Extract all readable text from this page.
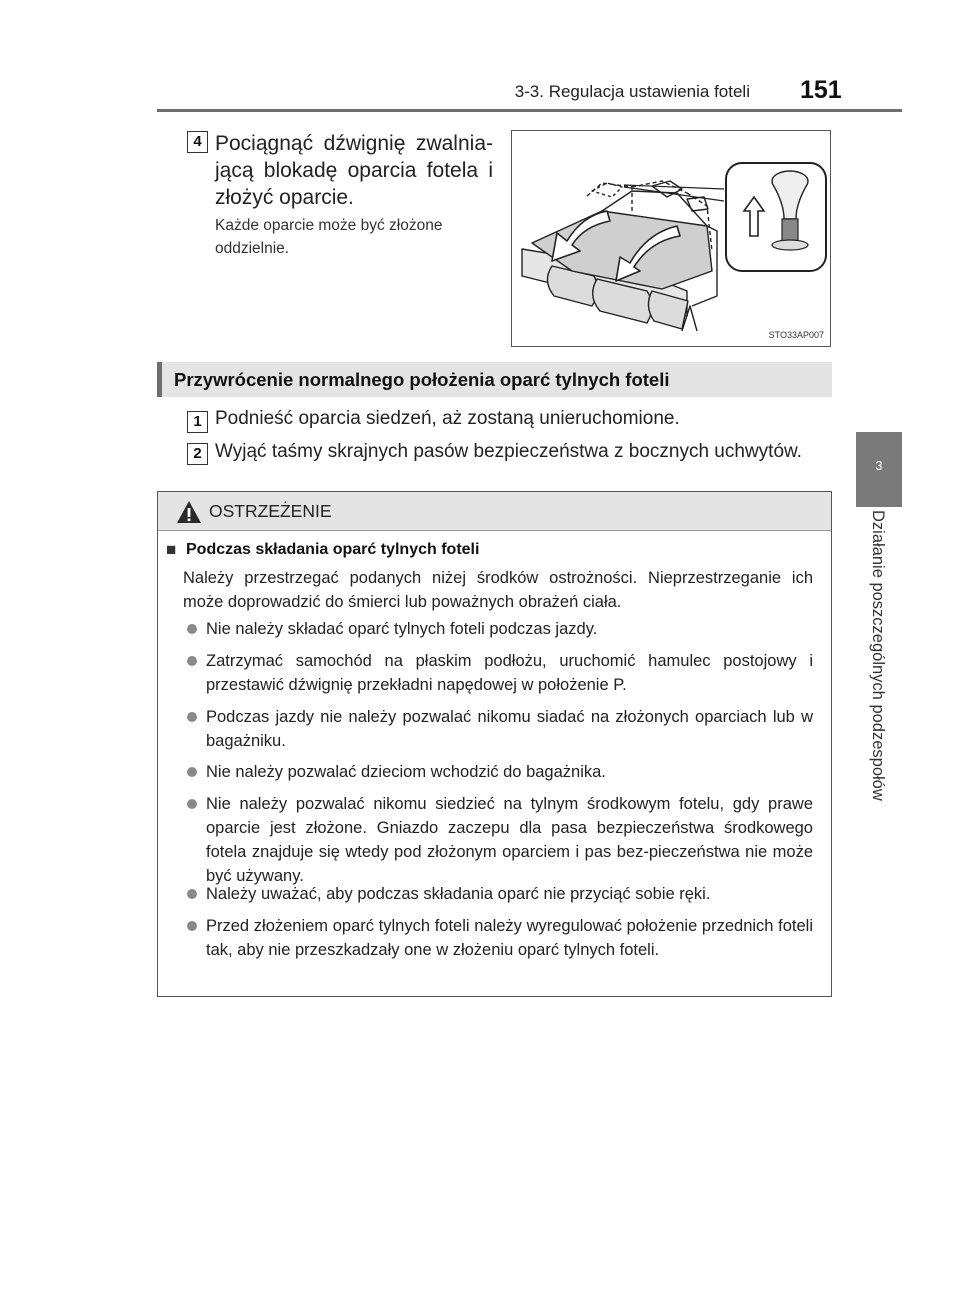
3-3. Regulacja ustawienia foteli 151
3
Działanie poszczególnych podzespołów
4 Pociągnąć dźwignię zwalnia-jącą blokadę oparcia fotela i złożyć oparcie.
Każde oparcie może być złożone oddzielnie.
STO33AP007
Przywrócenie normalnego położenia oparć tylnych foteli
1 Podnieść oparcia siedzeń, aż zostaną unieruchomione.
2 Wyjąć taśmy skrajnych pasów bezpieczeństwa z bocznych uchwytów.
OSTRZEŻENIE
■ Podczas składania oparć tylnych foteli
Należy przestrzegać podanych niżej środków ostrożności. Nieprzestrzeganie ich może doprowadzić do śmierci lub poważnych obrażeń ciała.
Nie należy składać oparć tylnych foteli podczas jazdy.
Zatrzymać samochód na płaskim podłożu, uruchomić hamulec postojowy i przestawić dźwignię przekładni napędowej w położenie P.
Podczas jazdy nie należy pozwalać nikomu siadać na złożonych oparciach lub w bagażniku.
Nie należy pozwalać dzieciom wchodzić do bagażnika.
Nie należy pozwalać nikomu siedzieć na tylnym środkowym fotelu, gdy prawe oparcie jest złożone. Gniazdo zaczepu dla pasa bezpieczeństwa środkowego fotela znajduje się wtedy pod złożonym oparciem i pas bez-pieczeństwa nie może być używany.
Należy uważać, aby podczas składania oparć nie przyciąć sobie ręki.
Przed złożeniem oparć tylnych foteli należy wyregulować położenie przednich foteli tak, aby nie przeszkadzały one w złożeniu oparć tylnych foteli.
